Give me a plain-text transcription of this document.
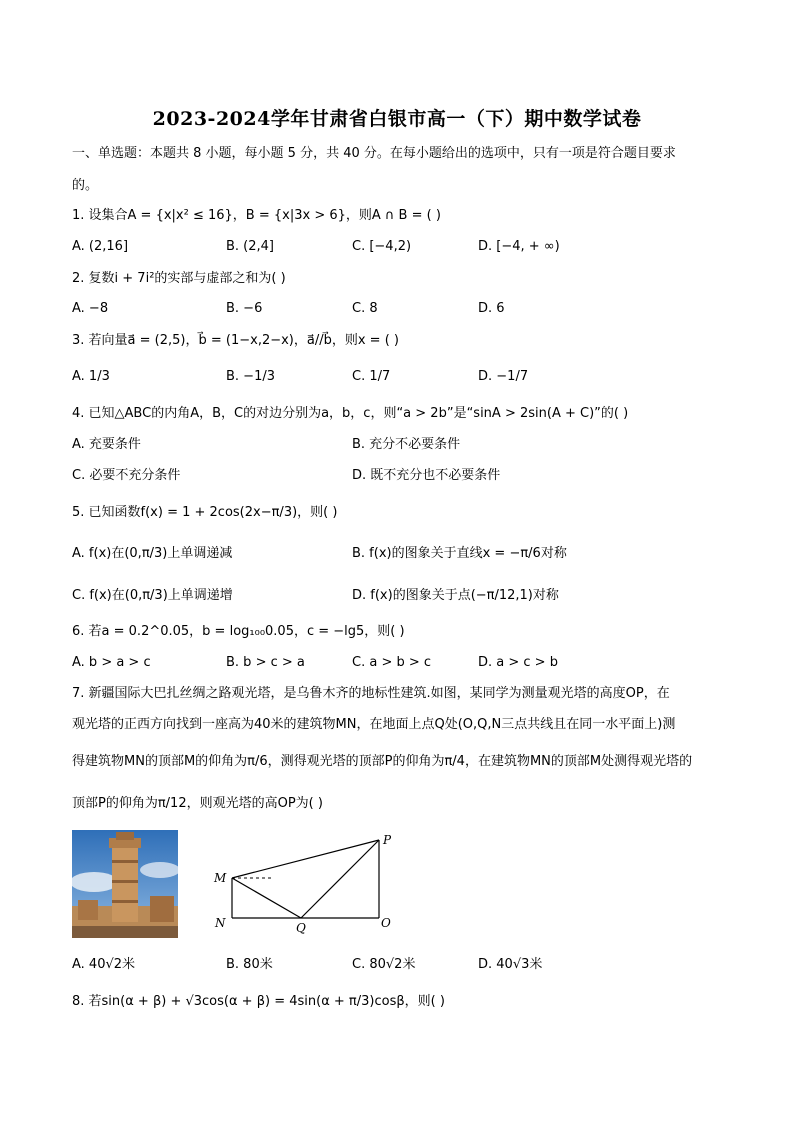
2023-2024学年甘肃省白银市高一（下）期中数学试卷
一、单选题：本题共 8 小题，每小题 5 分，共 40 分。在每小题给出的选项中，只有一项是符合题目要求
的。
1. 设集合A = {x|x² ≤ 16}，B = {x|3x > 6}，则A ∩ B = ( )
A. (2,16]	B. (2,4]	C. [−4,2)	D. [−4, + ∞)
2. 复数i + 7i²的实部与虚部之和为( )
A. −8	B. −6	C. 8	D. 6
3. 若向量a⃗ = (2,5)，b⃗ = (1−x,2−x)，a⃗//b⃗，则x = ( )
A. 1/3	B. −1/3	C. 1/7	D. −1/7
4. 已知△ABC的内角A，B，C的对边分别为a，b，c，则“a > 2b”是“sinA > 2sin(A + C)”的( )
A. 充要条件	B. 充分不必要条件
C. 必要不充分条件	D. 既不充分也不必要条件
5. 已知函数f(x) = 1 + 2cos(2x−π/3)，则( )
A. f(x)在(0,π/3)上单调递减	B. f(x)的图象关于直线x = −π/6对称
C. f(x)在(0,π/3)上单调递增	D. f(x)的图象关于点(−π/12,1)对称
6. 若a = 0.2^0.05，b = log₁₀₀0.05，c = −lg5，则( )
A. b > a > c	B. b > c > a	C. a > b > c	D. a > c > b
7. 新疆国际大巴扎丝绸之路观光塔，是乌鲁木齐的地标性建筑.如图，某同学为测量观光塔的高度OP，在
观光塔的正西方向找到一座高为40米的建筑物MN，在地面上点Q处(O,Q,N三点共线且在同一水平面上)测
得建筑物MN的顶部M的仰角为π/6，测得观光塔的顶部P的仰角为π/4，在建筑物MN的顶部M处测得观光塔的
顶部P的仰角为π/12，则观光塔的高OP为( )
P
M
N	Q	O
A. 40√2米	B. 80米	C. 80√2米	D. 40√3米
8. 若sin(α + β) + √3cos(α + β) = 4sin(α + π/3)cosβ，则( )
